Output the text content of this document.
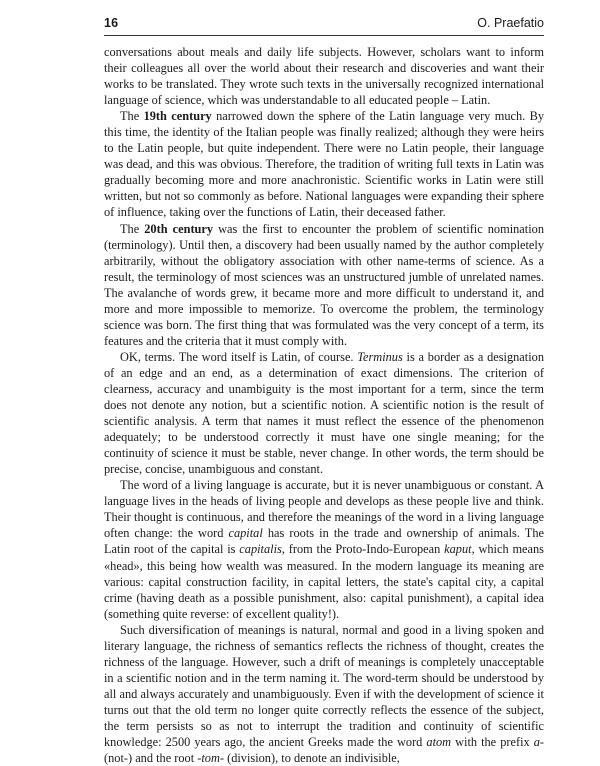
16	O. Praefatio

conversations about meals and daily life subjects. However, scholars want to inform their colleagues all over the world about their research and discoveries and want their works to be translated. They wrote such texts in the universally recognized international language of science, which was understandable to all educated people – Latin.

The 19th century narrowed down the sphere of the Latin language very much. By this time, the identity of the Italian people was finally realized; although they were heirs to the Latin people, but quite independent. There were no Latin people, their language was dead, and this was obvious. Therefore, the tradition of writing full texts in Latin was gradually becoming more and more anachronistic. Scientific works in Latin were still written, but not so commonly as before. National languages were expanding their sphere of influence, taking over the functions of Latin, their deceased father.

The 20th century was the first to encounter the problem of scientific nomination (terminology). Until then, a discovery had been usually named by the author completely arbitrarily, without the obligatory association with other name-terms of science. As a result, the terminology of most sciences was an unstructured jumble of unrelated names. The avalanche of words grew, it became more and more difficult to understand it, and more and more impossible to memorize. To overcome the problem, the terminology science was born. The first thing that was formulated was the very concept of a term, its features and the criteria that it must comply with.

OK, terms. The word itself is Latin, of course. Terminus is a border as a designation of an edge and an end, as a determination of exact dimensions. The criterion of clearness, accuracy and unambiguity is the most important for a term, since the term does not denote any notion, but a scientific notion. A scientific notion is the result of scientific analysis. A term that names it must reflect the essence of the phenomenon adequately; to be understood correctly it must have one single meaning; for the continuity of science it must be stable, never change. In other words, the term should be precise, concise, unambiguous and constant.

The word of a living language is accurate, but it is never unambiguous or constant. A language lives in the heads of living people and develops as these people live and think. Their thought is continuous, and therefore the meanings of the word in a living language often change: the word capital has roots in the trade and ownership of animals. The Latin root of the capital is capitalis, from the Proto-Indo-European kaput, which means «head», this being how wealth was measured. In the modern language its meaning are various: capital construction facility, in capital letters, the state's capital city, a capital crime (having death as a possible punishment, also: capital punishment), a capital idea (something quite reverse: of excellent quality!).

Such diversification of meanings is natural, normal and good in a living spoken and literary language, the richness of semantics reflects the richness of thought, creates the richness of the language. However, such a drift of meanings is completely unacceptable in a scientific notion and in the term naming it. The word-term should be understood by all and always accurately and unambiguously. Even if with the development of science it turns out that the old term no longer quite correctly reflects the essence of the subject, the term persists so as not to interrupt the tradition and continuity of scientific knowledge: 2500 years ago, the ancient Greeks made the word atom with the prefix a- (not-) and the root -tom- (division), to denote an indivisible,
